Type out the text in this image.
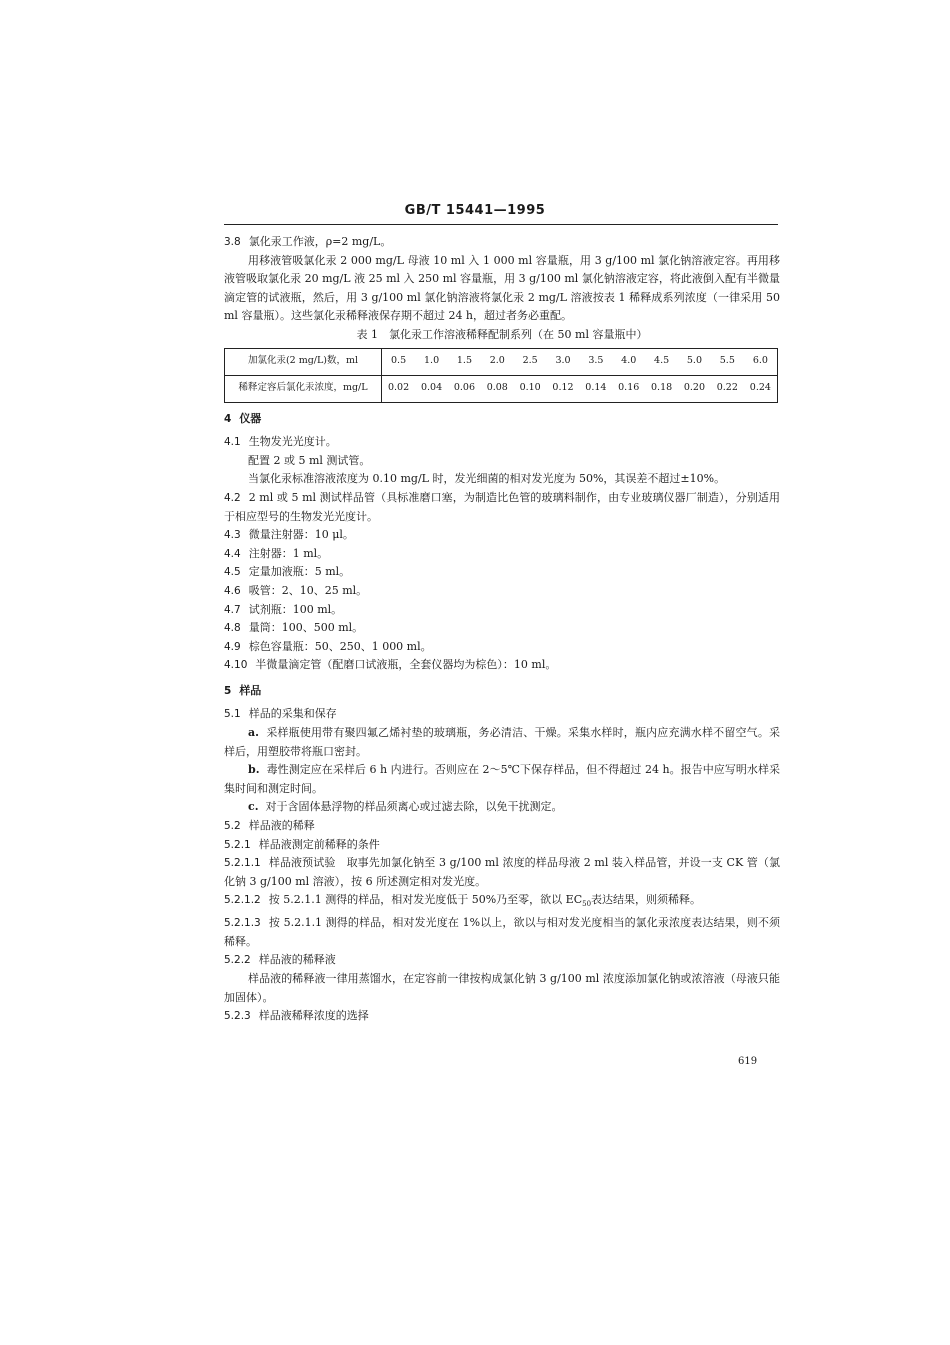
GB/T 15441—1995

3.8 氯化汞工作液，ρ=2 mg/L。

用移液管吸氯化汞 2 000 mg/L 母液 10 ml 入 1 000 ml 容量瓶，用 3 g/100 ml 氯化钠溶液定容。再用移液管吸取氯化汞 20 mg/L 液 25 ml 入 250 ml 容量瓶，用 3 g/100 ml 氯化钠溶液定容，将此液倒入配有半微量滴定管的试液瓶，然后，用 3 g/100 ml 氯化钠溶液将氯化汞 2 mg/L 溶液按表 1 稀释成系列浓度（一律采用 50 ml 容量瓶）。这些氯化汞稀释液保存期不超过 24 h，超过者务必重配。

表 1　氯化汞工作溶液稀释配制系列（在 50 ml 容量瓶中）

加氯化汞(2 mg/L)数，ml	0.5	1.0	1.5	2.0	2.5	3.0	3.5	4.0	4.5	5.0	5.5	6.0
稀释定容后氯化汞浓度，mg/L	0.02	0.04	0.06	0.08	0.10	0.12	0.14	0.16	0.18	0.20	0.22	0.24

4 仪器

4.1 生物发光光度计。

配置 2 或 5 ml 测试管。

当氯化汞标准溶液浓度为 0.10 mg/L 时，发光细菌的相对发光度为 50%，其误差不超过±10%。

4.2 2 ml 或 5 ml 测试样品管（具标准磨口塞，为制造比色管的玻璃料制作，由专业玻璃仪器厂制造），分别适用于相应型号的生物发光光度计。

4.3 微量注射器：10 μl。

4.4 注射器：1 ml。

4.5 定量加液瓶：5 ml。

4.6 吸管：2、10、25 ml。

4.7 试剂瓶：100 ml。

4.8 量筒：100、500 ml。

4.9 棕色容量瓶：50、250、1 000 ml。

4.10 半微量滴定管（配磨口试液瓶，全套仪器均为棕色）：10 ml。

5 样品

5.1 样品的采集和保存

a. 采样瓶使用带有聚四氟乙烯衬垫的玻璃瓶，务必清洁、干燥。采集水样时，瓶内应充满水样不留空气。采样后，用塑胶带将瓶口密封。

b. 毒性测定应在采样后 6 h 内进行。否则应在 2～5℃下保存样品，但不得超过 24 h。报告中应写明水样采集时间和测定时间。

c. 对于含固体悬浮物的样品须离心或过滤去除，以免干扰测定。

5.2 样品液的稀释

5.2.1 样品液测定前稀释的条件

5.2.1.1 样品液预试验　取事先加氯化钠至 3 g/100 ml 浓度的样品母液 2 ml 装入样品管，并设一支 CK 管（氯化钠 3 g/100 ml 溶液），按 6 所述测定相对发光度。

5.2.1.2 按 5.2.1.1 测得的样品，相对发光度低于 50%乃至零，欲以 $EC_{50}$表达结果，则须稀释。

5.2.1.3 按 5.2.1.1 测得的样品，相对发光度在 1%以上，欲以与相对发光度相当的氯化汞浓度表达结果，则不须稀释。

5.2.2 样品液的稀释液

样品液的稀释液一律用蒸馏水，在定容前一律按构成氯化钠 3 g/100 ml 浓度添加氯化钠或浓溶液（母液只能加固体）。

5.2.3 样品液稀释浓度的选择

619
